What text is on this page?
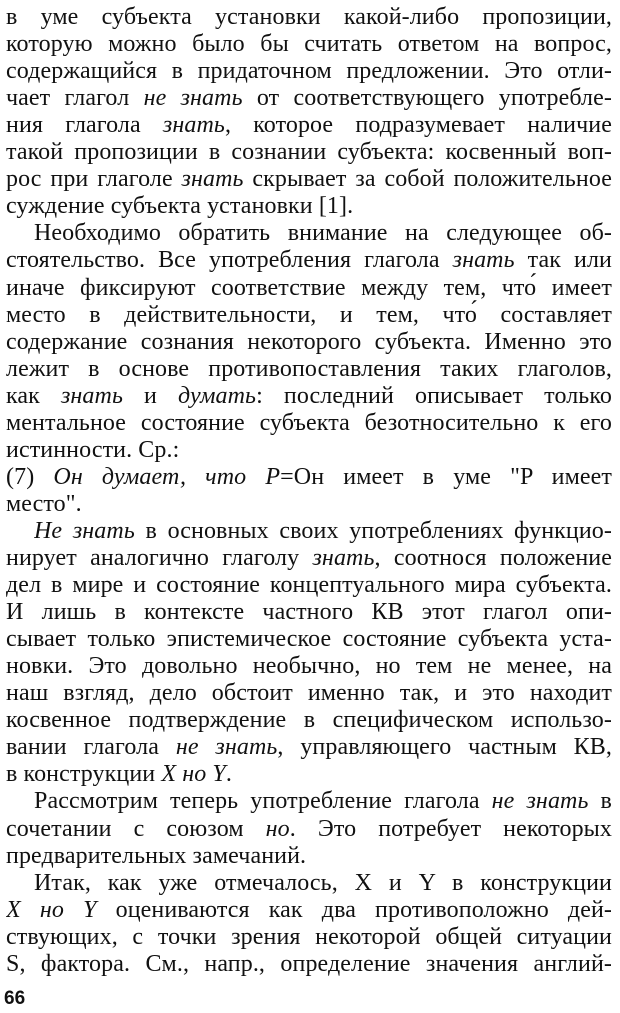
в уме субъекта установки какой-либо пропозиции,
которую можно было бы считать ответом на вопрос,
содержащийся в придаточном предложении. Это отли-
чает глагол не знать от соответствующего употребле-
ния глагола знать, которое подразумевает наличие
такой пропозиции в сознании субъекта: косвенный воп-
рос при глаголе знать скрывает за собой положительное
суждение субъекта установки [1].
Необходимо обратить внимание на следующее об-
стоятельство. Все употребления глагола знать так или
иначе фиксируют соответствие между тем, что́ имеет
место в действительности, и тем, что́ составляет
содержание сознания некоторого субъекта. Именно это
лежит в основе противопоставления таких глаголов,
как знать и думать: последний описывает только
ментальное состояние субъекта безотносительно к его
истинности. Ср.:
(7) Он думает, что P=Он имеет в уме "P имеет
место".
Не знать в основных своих употреблениях функцио-
нирует аналогично глаголу знать, соотнося положение
дел в мире и состояние концептуального мира субъекта.
И лишь в контексте частного КВ этот глагол опи-
сывает только эпистемическое состояние субъекта уста-
новки. Это довольно необычно, но тем не менее, на
наш взгляд, дело обстоит именно так, и это находит
косвенное подтверждение в специфическом использо-
вании глагола не знать, управляющего частным КВ,
в конструкции X но Y.
Рассмотрим теперь употребление глагола не знать в
сочетании с союзом но. Это потребует некоторых
предварительных замечаний.
Итак, как уже отмечалось, X и Y в конструкции
X но Y оцениваются как два противоположно дей-
ствующих, с точки зрения некоторой общей ситуации
S, фактора. См., напр., определение значения англий-
66
